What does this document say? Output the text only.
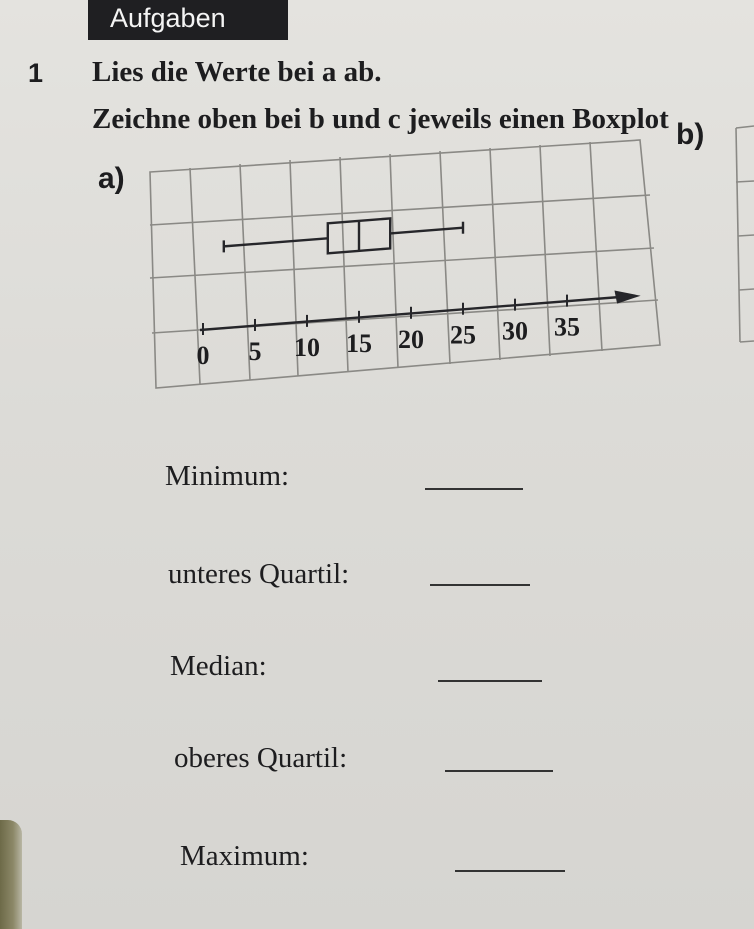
Aufgaben
1 Lies die Werte bei a ab.
Zeichne oben bei b und c jeweils einen Boxplot
a)
b)
0 5 10 15 20 25 30 35
Minimum:
unteres Quartil:
Median:
oberes Quartil:
Maximum:
